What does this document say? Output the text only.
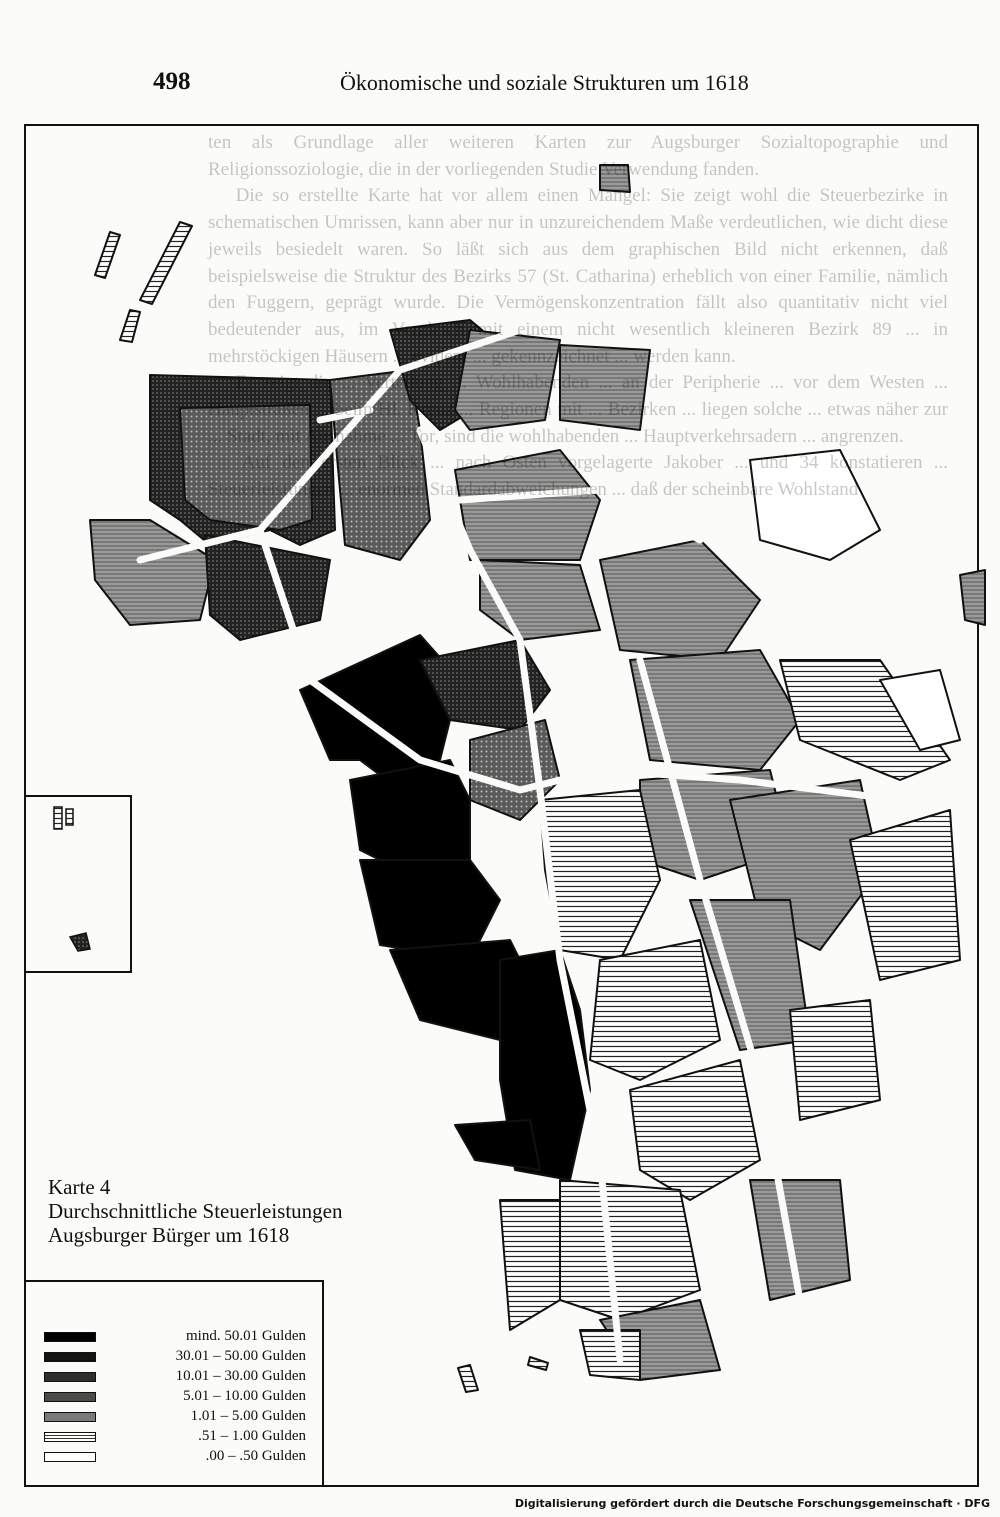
498	Ökonomische und soziale Strukturen um 1618
ten als Grundlage aller weiteren Karten zur Augsburger Sozialtopographie und Religionssoziologie, die in der vorliegenden Studie Verwendung fanden.
Die so erstellte Karte hat vor allem einen Mangel: Sie zeigt wohl die Steuerbezirke in schematischen Umrissen, kann aber nur in unzureichendem Maße verdeutlichen, wie dicht diese jeweils besiedelt waren. So läßt sich aus dem graphischen Bild nicht erkennen, daß beispielsweise die Struktur des Bezirks 57 (St. Catharina) erheblich von einer Familie, nämlich den Fuggern, geprägt wurde. Die Vermögenskonzentration fällt also quantitativ nicht viel bedeutender aus, im Vergleich mit einem nicht wesentlich kleineren Bezirk 89 ... in mehrstöckigen Häusern ... evident ... gekennzeichnet ... werden kann.
Er zeigt die ... Verteilung ... Wohlhabenden ... an der Peripherie ... vor dem Westen ... Hauptstraßen ... beim Hl. Kreuz ... Regionen mit ... Bezirken ... liegen solche ... etwas näher zur ... Stadt, mit Ausnahme ... Tor, sind die wohlhabenden ... Hauptverkehrsadern ... angrenzen.
Auf den ersten Blick ... nach Osten vorgelagerte Jakober ... und 34 konstatieren ... Steuerleistungen ... enormen Standardabweichungen ... daß der scheinbare Wohlstand
Karte 4
Durchschnittliche Steuerleistungen
Augsburger Bürger um 1618
mind. 50.01 Gulden
30.01 – 50.00 Gulden
10.01 – 30.00 Gulden
5.01 – 10.00 Gulden
1.01 – 5.00 Gulden
.51 – 1.00 Gulden
.00 – .50 Gulden
Digitalisierung gefördert durch die Deutsche Forschungsgemeinschaft · DFG
